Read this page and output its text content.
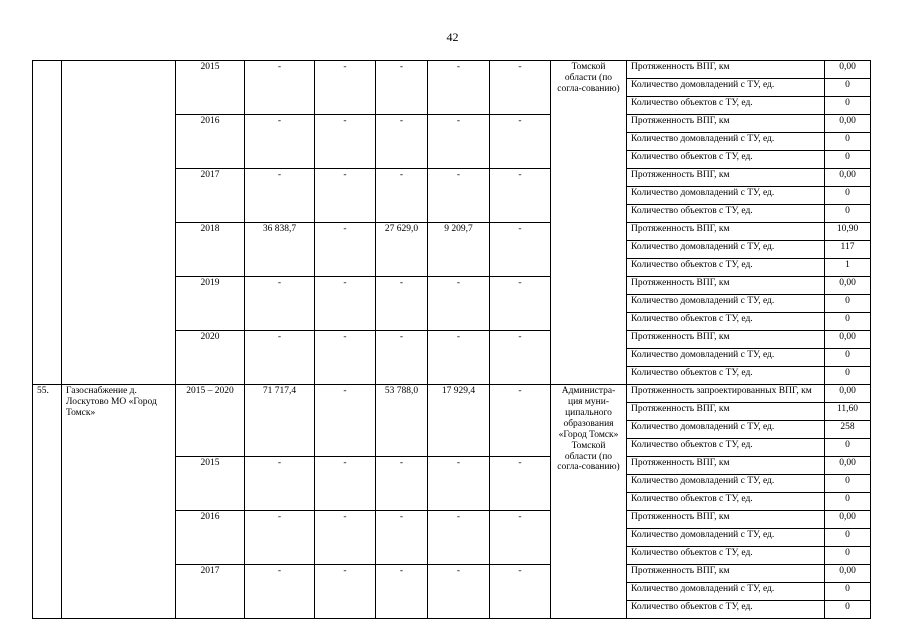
42
		2015	-	-	-	-	-	Томской области (по согла-сованию)	Протяженность ВПГ, км	0,00
									Количество домовладений с ТУ, ед.	0
									Количество объектов с ТУ, ед.	0
		2016	-	-	-	-	-		Протяженность ВПГ, км	0,00
									Количество домовладений с ТУ, ед.	0
									Количество объектов с ТУ, ед.	0
		2017	-	-	-	-	-		Протяженность ВПГ, км	0,00
									Количество домовладений с ТУ, ед.	0
									Количество объектов с ТУ, ед.	0
		2018	36 838,7	-	27 629,0	9 209,7	-		Протяженность ВПГ, км	10,90
									Количество домовладений с ТУ, ед.	117
									Количество объектов с ТУ, ед.	1
		2019	-	-	-	-	-		Протяженность ВПГ, км	0,00
									Количество домовладений с ТУ, ед.	0
									Количество объектов с ТУ, ед.	0
		2020	-	-	-	-	-		Протяженность ВПГ, км	0,00
									Количество домовладений с ТУ, ед.	0
									Количество объектов с ТУ, ед.	0
55.	Газоснабжение д. Лоскутово МО «Город Томск»	2015 – 2020	71 717,4	-	53 788,0	17 929,4	-	Администра-ция муни-ципального образования «Город Томск» Томской области (по согла-сованию)	Протяженность запроектированных ВПГ, км	0,00
									Протяженность ВПГ, км	11,60
									Количество домовладений с ТУ, ед.	258
									Количество объектов с ТУ, ед.	0
		2015	-	-	-	-	-		Протяженность ВПГ, км	0,00
									Количество домовладений с ТУ, ед.	0
									Количество объектов с ТУ, ед.	0
		2016	-	-	-	-	-		Протяженность ВПГ, км	0,00
									Количество домовладений с ТУ, ед.	0
									Количество объектов с ТУ, ед.	0
		2017	-	-	-	-	-		Протяженность ВПГ, км	0,00
									Количество домовладений с ТУ, ед.	0
									Количество объектов с ТУ, ед.	0
